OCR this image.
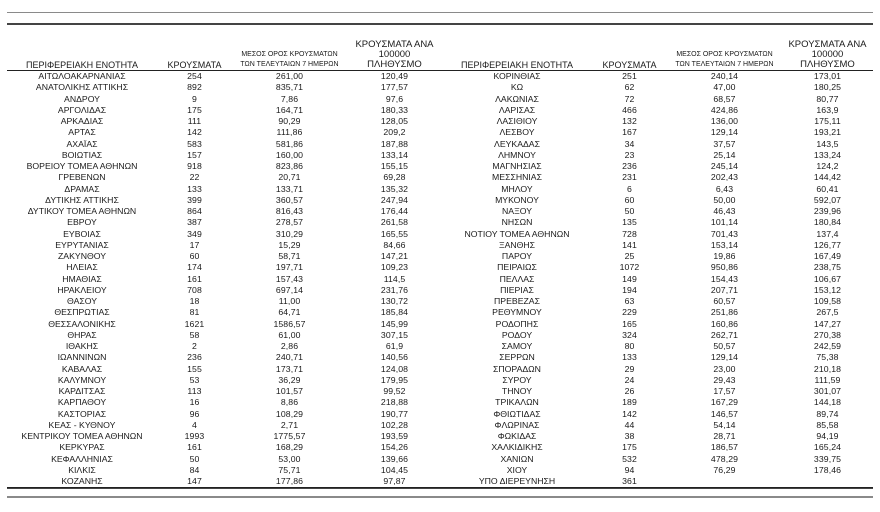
ΠΕΡΙΦΕΡΕΙΑΚΗ ΕΝΟΤΗΤΑ	ΚΡΟΥΣΜΑΤΑ	ΜΕΣΟΣ ΟΡΟΣ ΚΡΟΥΣΜΑΤΩΝ
ΤΩΝ ΤΕΛΕΥΤΑΙΩΝ 7 ΗΜΕΡΩΝ	ΚΡΟΥΣΜΑΤΑ ΑΝΑ 100000
ΠΛΗΘΥΣΜΟ
ΑΙΤΩΛΟΑΚΑΡΝΑΝΙΑΣ	254	261,00	120,49
ΑΝΑΤΟΛΙΚΗΣ ΑΤΤΙΚΗΣ	892	835,71	177,57
ΑΝΔΡΟΥ	9	7,86	97,6
ΑΡΓΟΛΙΔΑΣ	175	164,71	180,33
ΑΡΚΑΔΙΑΣ	111	90,29	128,05
ΑΡΤΑΣ	142	111,86	209,2
ΑΧΑΪΑΣ	583	581,86	187,88
ΒΟΙΩΤΙΑΣ	157	160,00	133,14
ΒΟΡΕΙΟΥ ΤΟΜΕΑ ΑΘΗΝΩΝ	918	823,86	155,15
ΓΡΕΒΕΝΩΝ	22	20,71	69,28
ΔΡΑΜΑΣ	133	133,71	135,32
ΔΥΤΙΚΗΣ ΑΤΤΙΚΗΣ	399	360,57	247,94
ΔΥΤΙΚΟΥ ΤΟΜΕΑ ΑΘΗΝΩΝ	864	816,43	176,44
ΕΒΡΟΥ	387	278,57	261,58
ΕΥΒΟΙΑΣ	349	310,29	165,55
ΕΥΡΥΤΑΝΙΑΣ	17	15,29	84,66
ΖΑΚΥΝΘΟΥ	60	58,71	147,21
ΗΛΕΙΑΣ	174	197,71	109,23
ΗΜΑΘΙΑΣ	161	157,43	114,5
ΗΡΑΚΛΕΙΟΥ	708	697,14	231,76
ΘΑΣΟΥ	18	11,00	130,72
ΘΕΣΠΡΩΤΙΑΣ	81	64,71	185,84
ΘΕΣΣΑΛΟΝΙΚΗΣ	1621	1586,57	145,99
ΘΗΡΑΣ	58	61,00	307,15
ΙΘΑΚΗΣ	2	2,86	61,9
ΙΩΑΝΝΙΝΩΝ	236	240,71	140,56
ΚΑΒΑΛΑΣ	155	173,71	124,08
ΚΑΛΥΜΝΟΥ	53	36,29	179,95
ΚΑΡΔΙΤΣΑΣ	113	101,57	99,52
ΚΑΡΠΑΘΟΥ	16	8,86	218,88
ΚΑΣΤΟΡΙΑΣ	96	108,29	190,77
ΚΕΑΣ - ΚΥΘΝΟΥ	4	2,71	102,28
ΚΕΝΤΡΙΚΟΥ ΤΟΜΕΑ ΑΘΗΝΩΝ	1993	1775,57	193,59
ΚΕΡΚΥΡΑΣ	161	168,29	154,26
ΚΕΦΑΛΛΗΝΙΑΣ	50	53,00	139,66
ΚΙΛΚΙΣ	84	75,71	104,45
ΚΟΖΑΝΗΣ	147	177,86	97,87
ΠΕΡΙΦΕΡΕΙΑΚΗ ΕΝΟΤΗΤΑ	ΚΡΟΥΣΜΑΤΑ	ΜΕΣΟΣ ΟΡΟΣ ΚΡΟΥΣΜΑΤΩΝ
ΤΩΝ ΤΕΛΕΥΤΑΙΩΝ 7 ΗΜΕΡΩΝ	ΚΡΟΥΣΜΑΤΑ ΑΝΑ 100000
ΠΛΗΘΥΣΜΟ
ΚΟΡΙΝΘΙΑΣ	251	240,14	173,01
ΚΩ	62	47,00	180,25
ΛΑΚΩΝΙΑΣ	72	68,57	80,77
ΛΑΡΙΣΑΣ	466	424,86	163,9
ΛΑΣΙΘΙΟΥ	132	136,00	175,11
ΛΕΣΒΟΥ	167	129,14	193,21
ΛΕΥΚΑΔΑΣ	34	37,57	143,5
ΛΗΜΝΟΥ	23	25,14	133,24
ΜΑΓΝΗΣΙΑΣ	236	245,14	124,2
ΜΕΣΣΗΝΙΑΣ	231	202,43	144,42
ΜΗΛΟΥ	6	6,43	60,41
ΜΥΚΟΝΟΥ	60	50,00	592,07
ΝΑΞΟΥ	50	46,43	239,96
ΝΗΣΩΝ	135	101,14	180,84
ΝΟΤΙΟΥ ΤΟΜΕΑ ΑΘΗΝΩΝ	728	701,43	137,4
ΞΑΝΘΗΣ	141	153,14	126,77
ΠΑΡΟΥ	25	19,86	167,49
ΠΕΙΡΑΙΩΣ	1072	950,86	238,75
ΠΕΛΛΑΣ	149	154,43	106,67
ΠΙΕΡΙΑΣ	194	207,71	153,12
ΠΡΕΒΕΖΑΣ	63	60,57	109,58
ΡΕΘΥΜΝΟΥ	229	251,86	267,5
ΡΟΔΟΠΗΣ	165	160,86	147,27
ΡΟΔΟΥ	324	262,71	270,38
ΣΑΜΟΥ	80	50,57	242,59
ΣΕΡΡΩΝ	133	129,14	75,38
ΣΠΟΡΑΔΩΝ	29	23,00	210,18
ΣΥΡΟΥ	24	29,43	111,59
ΤΗΝΟΥ	26	17,57	301,07
ΤΡΙΚΑΛΩΝ	189	167,29	144,18
ΦΘΙΩΤΙΔΑΣ	142	146,57	89,74
ΦΛΩΡΙΝΑΣ	44	54,14	85,58
ΦΩΚΙΔΑΣ	38	28,71	94,19
ΧΑΛΚΙΔΙΚΗΣ	175	186,57	165,24
ΧΑΝΙΩΝ	532	478,29	339,75
ΧΙΟΥ	94	76,29	178,46
ΥΠΟ ΔΙΕΡΕΥΝΗΣΗ	361		
